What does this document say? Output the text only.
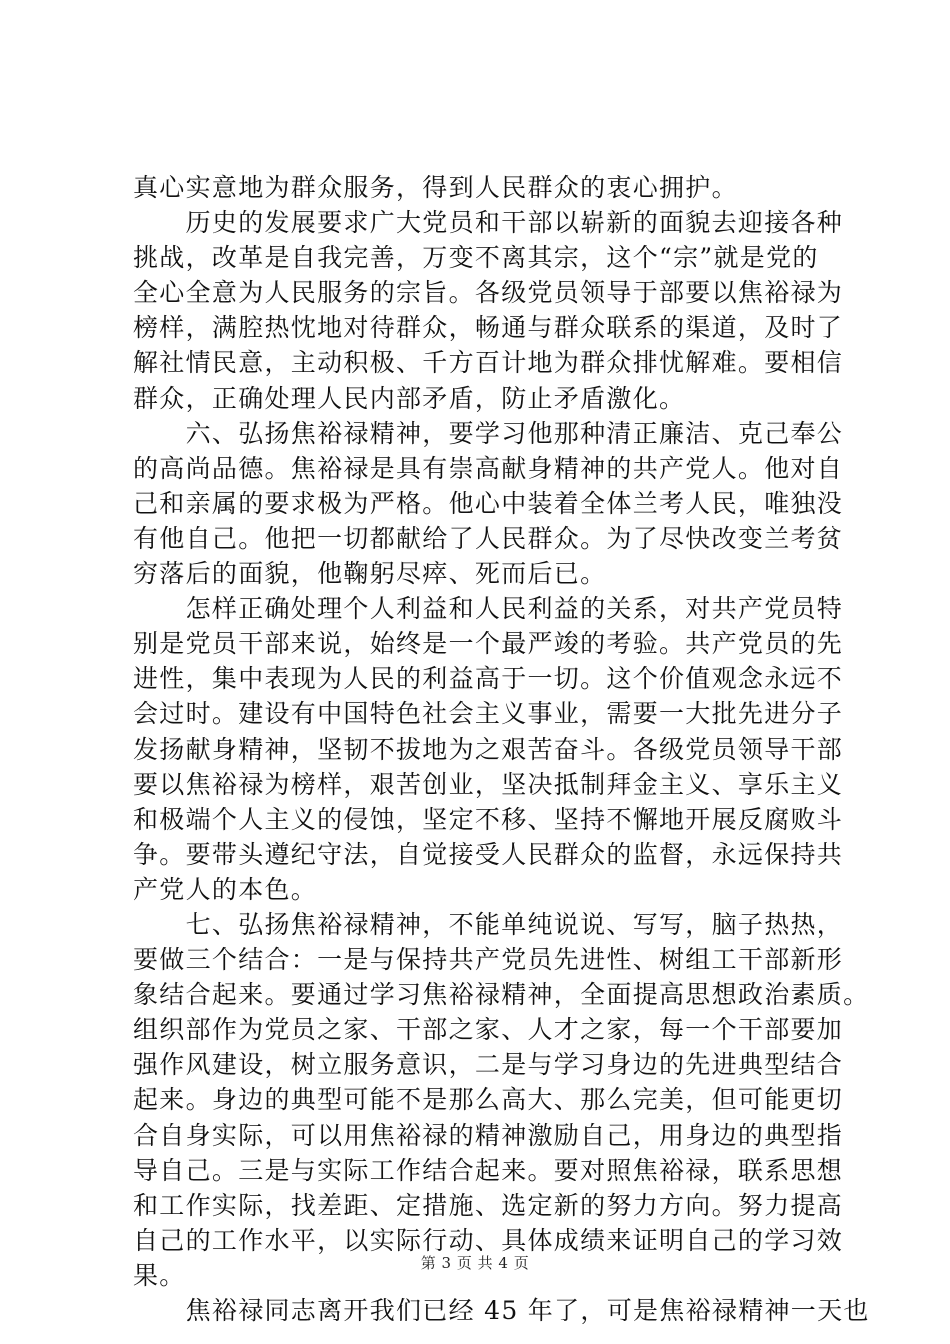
真心实意地为群众服务，得到人民群众的衷心拥护。
　　历史的发展要求广大党员和干部以崭新的面貌去迎接各种
挑战，改革是自我完善，万变不离其宗，这个“宗”就是党的
全心全意为人民服务的宗旨。各级党员领导于部要以焦裕禄为
榜样，满腔热忱地对待群众，畅通与群众联系的渠道，及时了
解社情民意，主动积极、千方百计地为群众排忧解难。要相信
群众，正确处理人民内部矛盾，防止矛盾激化。
　　六、弘扬焦裕禄精神，要学习他那种清正廉洁、克己奉公
的高尚品德。焦裕禄是具有崇高献身精神的共产党人。他对自
己和亲属的要求极为严格。他心中装着全体兰考人民，唯独没
有他自己。他把一切都献给了人民群众。为了尽快改变兰考贫
穷落后的面貌，他鞠躬尽瘁、死而后已。
　　怎样正确处理个人利益和人民利益的关系，对共产党员特
别是党员干部来说，始终是一个最严竣的考验。共产党员的先
进性，集中表现为人民的利益高于一切。这个价值观念永远不
会过时。建设有中国特色社会主义事业，需要一大批先进分子
发扬献身精神，坚韧不拔地为之艰苦奋斗。各级党员领导干部
要以焦裕禄为榜样，艰苦创业，坚决抵制拜金主义、享乐主义
和极端个人主义的侵蚀，坚定不移、坚持不懈地开展反腐败斗
争。要带头遵纪守法，自觉接受人民群众的监督，永远保持共
产党人的本色。
　　七、弘扬焦裕禄精神，不能单纯说说、写写，脑子热热，
要做三个结合：一是与保持共产党员先进性、树组工干部新形
象结合起来。要通过学习焦裕禄精神，全面提高思想政治素质。
组织部作为党员之家、干部之家、人才之家，每一个干部要加
强作风建设，树立服务意识，二是与学习身边的先进典型结合
起来。身边的典型可能不是那么高大、那么完美，但可能更切
合自身实际，可以用焦裕禄的精神激励自己，用身边的典型指
导自己。三是与实际工作结合起来。要对照焦裕禄，联系思想
和工作实际，找差距、定措施、选定新的努力方向。努力提高
自己的工作水平，以实际行动、具体成绩来证明自己的学习效
果。
　　焦裕禄同志离开我们已经 45 年了，可是焦裕禄精神一天也
第 3 页 共 4 页
